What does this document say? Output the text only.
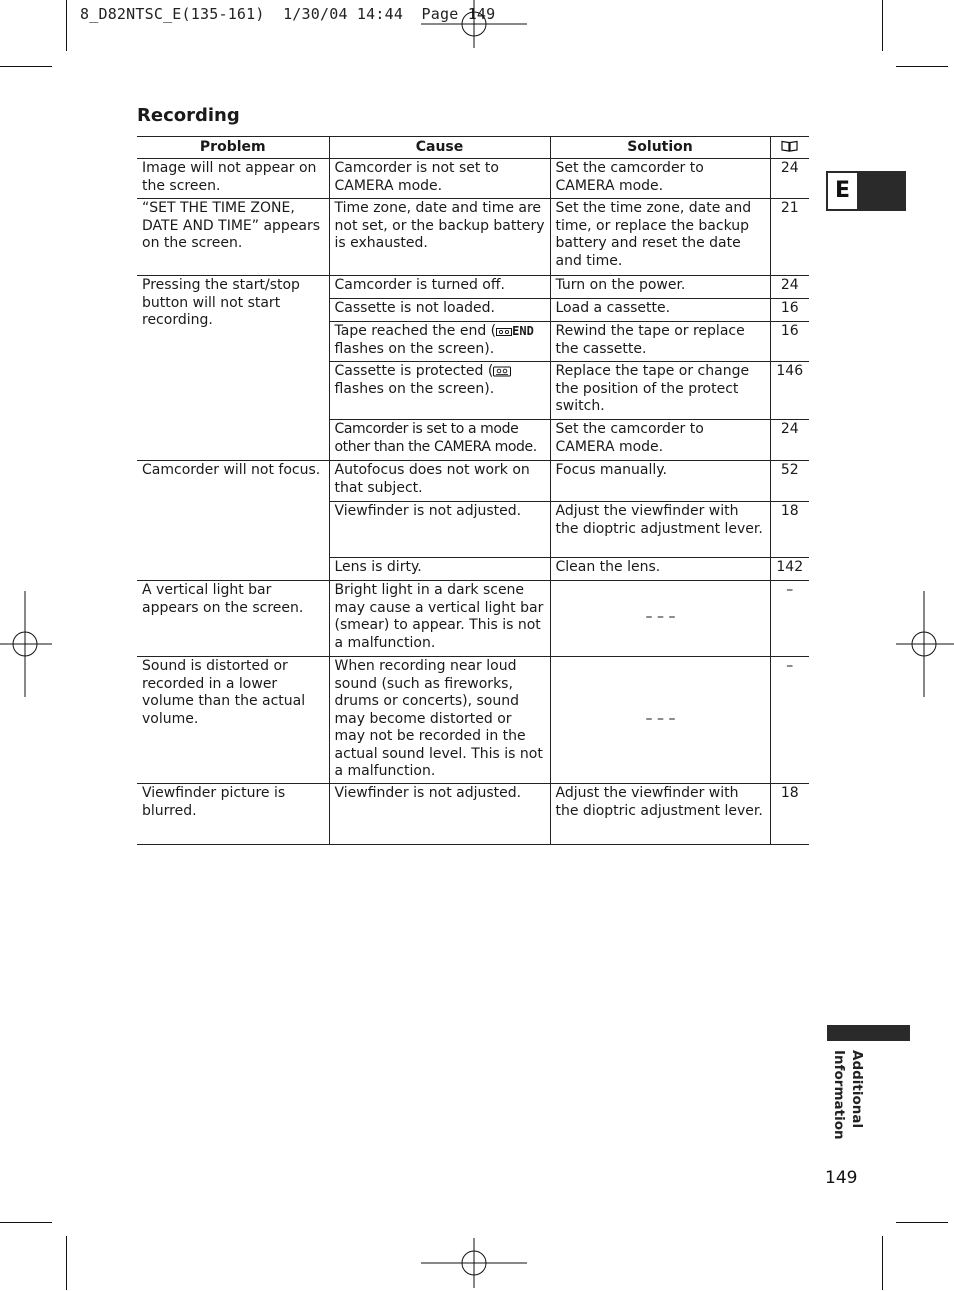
8_D82NTSC_E(135-161)  1/30/04 14:44  Page 149
Recording
Problem	Cause	Solution	
Image will not appear on the screen.	Camcorder is not set to CAMERA mode.	Set the camcorder to CAMERA mode.	24
“SET THE TIME ZONE, DATE AND TIME” appears on the screen.	Time zone, date and time are not set, or the backup battery is exhausted.	Set the time zone, date and time, or replace the backup battery and reset the date and time.	21
Pressing the start/stop button will not start recording.	Camcorder is turned off.	Turn on the power.	24
	Cassette is not loaded.	Load a cassette.	16
	Tape reached the end ( END
flashes on the screen).	Rewind the tape or replace the cassette.	16
	Cassette is protected (
flashes on the screen).	Replace the tape or change the position of the protect switch.	146
	Camcorder is set to a mode other than the CAMERA mode.	Set the camcorder to CAMERA mode.	24
Camcorder will not focus.	Autofocus does not work on that subject.	Focus manually.	52
	Viewfinder is not adjusted.	Adjust the viewfinder with the dioptric adjustment lever.	18
	Lens is dirty.	Clean the lens.	142
A vertical light bar appears on the screen.	Bright light in a dark scene may cause a vertical light bar (smear) to appear. This is not a malfunction.	– – –	–
Sound is distorted or recorded in a lower volume than the actual volume.	When recording near loud sound (such as fireworks, drums or concerts), sound may become distorted or may not be recorded in the actual sound level. This is not a malfunction.	– – –	–
Viewfinder picture is blurred.	Viewfinder is not adjusted.	Adjust the viewfinder with the dioptric adjustment lever.	18
E
Additional
Information
149
